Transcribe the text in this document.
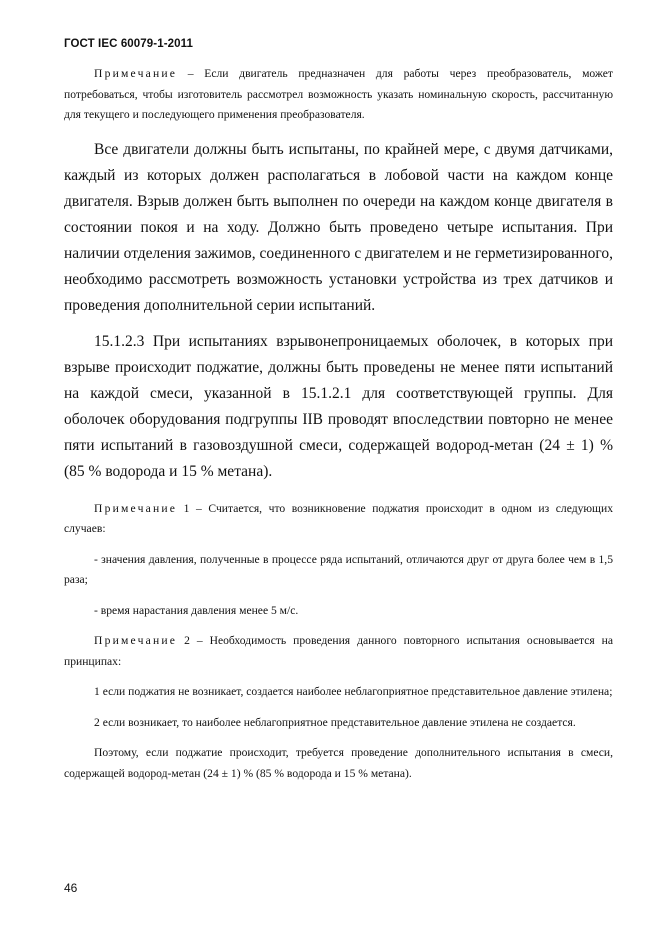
ГОСТ IEC 60079-1-2011

Примечание – Если двигатель предназначен для работы через преобразователь, может потребоваться, чтобы изготовитель рассмотрел возможность указать номинальную скорость, рассчитанную для текущего и последующего применения преобразователя.

Все двигатели должны быть испытаны, по крайней мере, с двумя датчиками, каждый из которых должен располагаться в лобовой части на каждом конце двигателя. Взрыв должен быть выполнен по очереди на каждом конце двигателя в состоянии покоя и на ходу. Должно быть проведено четыре испытания. При наличии отделения зажимов, соединенного с двигателем и не герметизированного, необходимо рассмотреть возможность установки устройства из трех датчиков и проведения дополнительной серии испытаний.

15.1.2.3 При испытаниях взрывонепроницаемых оболочек, в которых при взрыве происходит поджатие, должны быть проведены не менее пяти испытаний на каждой смеси, указанной в 15.1.2.1 для соответствующей группы. Для оболочек оборудования подгруппы IIB проводят впоследствии повторно не менее пяти испытаний в газовоздушной смеси, содержащей водород-метан (24 ± 1) % (85 % водорода и 15 % метана).

Примечание 1 – Считается, что возникновение поджатия происходит в одном из следующих случаев:

- значения давления, полученные в процессе ряда испытаний, отличаются друг от друга более чем в 1,5 раза;

- время нарастания давления менее 5 м/с.

Примечание 2 – Необходимость проведения данного повторного испытания основывается на принципах:

1 если поджатия не возникает, создается наиболее неблагоприятное представительное давление этилена;

2 если возникает, то наиболее неблагоприятное представительное давление этилена не создается.

Поэтому, если поджатие происходит, требуется проведение дополнительного испытания в смеси, содержащей водород-метан (24 ± 1) % (85 % водорода и 15 % метана).

46
